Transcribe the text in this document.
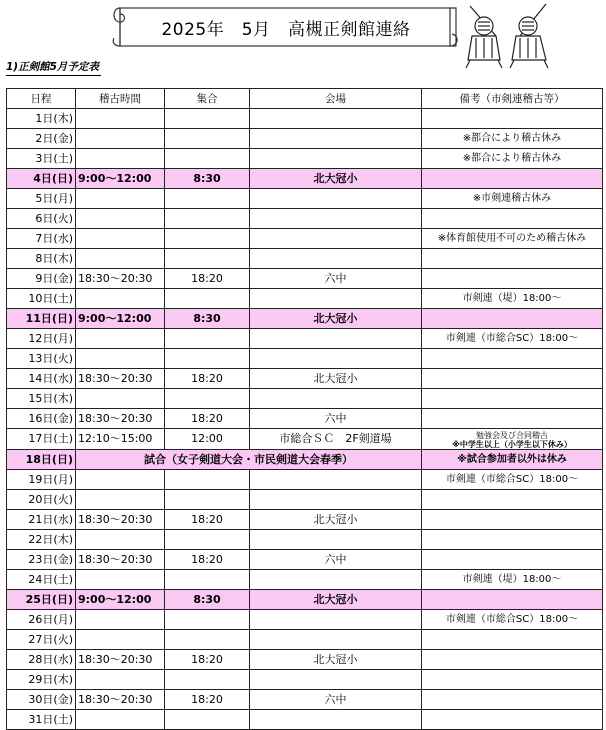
2025年　5月　高槻正剣館連絡
1)正剣館5月予定表
日程	稽古時間	集合	会場	備考（市剣連稽古等）
1日(木)				
2日(金)				※都合により稽古休み
3日(土)				※都合により稽古休み
4日(日)	9:00～12:00	8:30	北大冠小	
5日(月)				※市剣連稽古休み
6日(火)				
7日(水)				※体育館使用不可のため稽古休み
8日(木)				
9日(金)	18:30～20:30	18:20	六中	
10日(土)				市剣連（堤）18:00～
11日(日)	9:00～12:00	8:30	北大冠小	
12日(月)				市剣連（市総合SC）18:00～
13日(火)				
14日(水)	18:30～20:30	18:20	北大冠小	
15日(木)				
16日(金)	18:30～20:30	18:20	六中	
17日(土)	12:10～15:00	12:00	市総合ＳＣ　2F剣道場	勉強会及び合同稽古
※中学生以上（小学生以下休み）

18日(日)	試合（女子剣道大会・市民剣道大会春季）			※試合参加者以外は休み
19日(月)				市剣連（市総合SC）18:00～
20日(火)				
21日(水)	18:30～20:30	18:20	北大冠小	
22日(木)				
23日(金)	18:30～20:30	18:20	六中	
24日(土)				市剣連（堤）18:00～
25日(日)	9:00～12:00	8:30	北大冠小	
26日(月)				市剣連（市総合SC）18:00～
27日(火)				
28日(水)	18:30～20:30	18:20	北大冠小	
29日(木)				
30日(金)	18:30～20:30	18:20	六中	
31日(土)				
